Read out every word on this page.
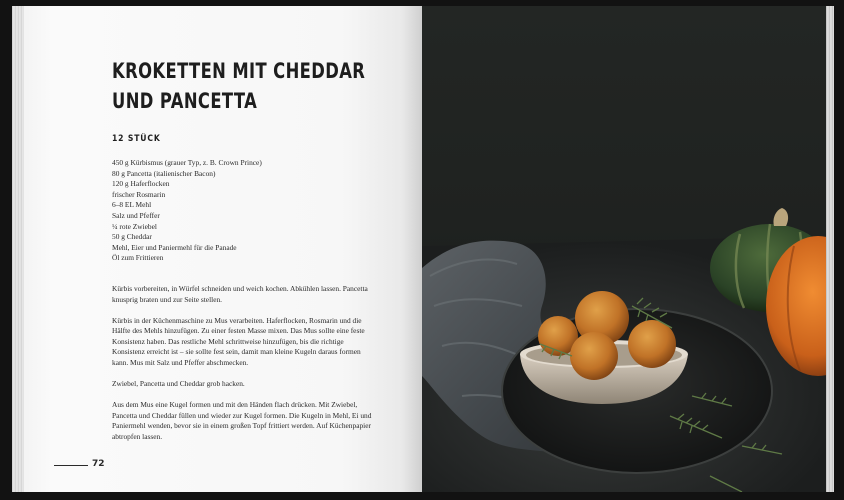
KROKETTEN MIT CHEDDAR
UND PANCETTA
12 STÜCK
450 g Kürbismus (grauer Typ, z. B. Crown Prince)
80 g Pancetta (italienischer Bacon)
120 g Haferflocken
frischer Rosmarin
6–8 EL Mehl
Salz und Pfeffer
¼ rote Zwiebel
50 g Cheddar
Mehl, Eier und Paniermehl für die Panade
Öl zum Frittieren

Kürbis vorbereiten, in Würfel schneiden und weich kochen. Abkühlen lassen. Pancetta knusprig braten und zur Seite stellen.

Kürbis in der Küchenmaschine zu Mus verarbeiten. Haferflocken, Rosmarin und die Hälfte des Mehls hinzufügen. Zu einer festen Masse mixen. Das Mus sollte eine feste Konsistenz haben. Das restliche Mehl schrittweise hinzufügen, bis die richtige Konsistenz erreicht ist – sie sollte fest sein, damit man kleine Kugeln daraus formen kann. Mus mit Salz und Pfeffer abschmecken.

Zwiebel, Pancetta und Cheddar grob hacken.

Aus dem Mus eine Kugel formen und mit den Händen flach drücken. Mit Zwiebel, Pancetta und Cheddar füllen und wieder zur Kugel formen. Die Kugeln in Mehl, Ei und Paniermehl wenden, bevor sie in einem großen Topf frittiert werden. Auf Küchenpapier abtropfen lassen.

72
